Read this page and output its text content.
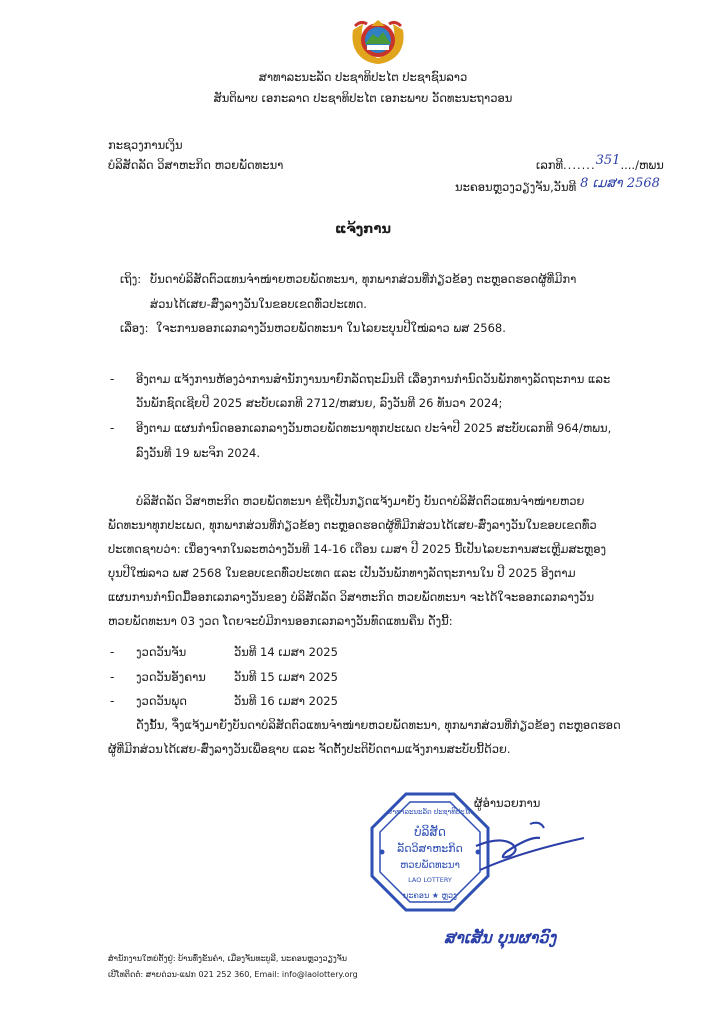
ສາທາລະນະລັດ ປະຊາທິປະໄຕ ປະຊາຊົນລາວ
ສັນຕິພາບ ເອກະລາດ ປະຊາທິປະໄຕ ເອກະພາບ ວັດທະນະຖາວອນ
ກະຊວງການເງິນ
ບໍລິສັດລັດ ວິສາຫະກິດ ຫວຍພັດທະນາ	ເລກທີ.......351..../ຫພນ
ນະຄອນຫຼວງວຽງຈັນ,ວັນທີ 8 ເມສາ 2568
ແຈ້ງການ
ເຖິງ: ບັນດາບໍລິສັດຕົວແທນຈຳໜ່າຍຫວຍພັດທະນາ, ທຸກພາກສ່ວນທີ່ກ່ຽວຂ້ອງ ຕະຫຼອດຮອດຜູ້ທີ່ມີກາ
ສ່ວນໄດ້ເສຍ-ສົ່ງລາງວັນໃນຂອບເຂດທົ່ວປະເທດ.
ເລື່ອງ: ໃຈະການອອກເລກລາງວັນຫວຍພັດທະນາ ໃນໄລຍະບຸນປີໃໝ່ລາວ ພສ 2568.
- ອີງຕາມ ແຈ້ງການຫ້ອງວ່າການສຳນັກງານນາຍົກລັດຖະມົນຕີ ເລື່ອງການກຳນົດວັນພັກທາງລັດຖະການ ແລະ
ວັນພັກຊົດເຊີຍປີ 2025 ສະບັບເລກທີ 2712/ຫສນຍ, ລົງວັນທີ 26 ທັນວາ 2024;
- ອີງຕາມ ແຜນກຳນົດອອກເລກລາງວັນຫວຍພັດທະນາທຸກປະເພດ ປະຈຳປີ 2025 ສະບັບເລກທີ 964/ຫພນ,
ລົງວັນທີ 19 ພະຈິກ 2024.
ບໍລິສັດລັດ ວິສາຫະກິດ ຫວຍພັດທະນາ ຂໍຖືເປັນກຽດແຈ້ງມາຍັງ ບັນດາບໍລິສັດຕົວແທນຈຳໜ່າຍຫວຍ
ພັດທະນາທຸກປະເພດ, ທຸກພາກສ່ວນທີ່ກ່ຽວຂ້ອງ ຕະຫຼອດຮອດຜູ້ທີ່ມີກສ່ວນໄດ້ເສຍ-ສົ່ງລາງວັນໃນຂອບເຂດທົ່ວ
ປະເທດຊາບວ່າ: ເນື່ອງຈາກໃນລະຫວ່າງວັນທີ 14-16 ເດືອນ ເມສາ ປີ 2025 ນີ້ເປັນໄລຍະການສະເຫຼີມສະຫຼອງ
ບຸນປີໃໝ່ລາວ ພສ 2568 ໃນຂອບເຂດທົ່ວປະເທດ ແລະ ເປັນວັນພັກທາງລັດຖະການໃນ ປີ 2025 ອີງຕາມ
ແຜນການກຳນົດມື້ອອກເລກລາງວັນຂອງ ບໍລິສັດລັດ ວິສາຫະກິດ ຫວຍພັດທະນາ ຈະໄດ້ໃຈະອອກເລກລາງວັນ
ຫວຍພັດທະນາ 03 ງວດ ໂດຍຈະບໍ່ມີການອອກເລກລາງວັນທົດແທນຄືນ ດັ່ງນີ້:
- ງວດວັນຈັນ	ວັນທີ 14 ເມສາ 2025
- ງວດວັນອັງຄານ ວັນທີ 15 ເມສາ 2025
- ງວດວັນພຸດ	ວັນທີ 16 ເມສາ 2025
ດັ່ງນັ້ນ, ຈຶ່ງແຈ້ງມາຍັງບັນດາບໍລິສັດຕົວແທນຈຳໜ່າຍຫວຍພັດທະນາ, ທຸກພາກສ່ວນທີ່ກ່ຽວຂ້ອງ ຕະຫຼອດຮອດ
ຜູ້ທີ່ມີກສ່ວນໄດ້ເສຍ-ສົ່ງລາງວັນເພື່ອຊາບ ແລະ ຈັດຕັ້ງປະຕິບັດຕາມແຈ້ງການສະບັບນີ້ດ້ວຍ.
ຜູ້ອຳນວຍການ
ສາທາລະນະລັດ ປະຊາທິປະໄຕ
ບໍລິສັດ
ລັດວິສາຫະກິດ
ຫວຍພັດທະນາ
LAO LOTTERY
ນະຄອນ ★ ຫຼວງ
ສາເສັນ ບຸນຜາວົງ
ສຳນັກງານໃຫຍ່ຕັ້ງຢູ່: ບ້ານທົ່ງຂັນຄຳ, ເມືອງຈັນທະບູລີ, ນະຄອນຫຼວງວຽງຈັນ
ເບີໂທຕິດຕໍ່: ສາຍດ່ວນ-ແຟກ 021 252 360, Email: info@laolottery.org
